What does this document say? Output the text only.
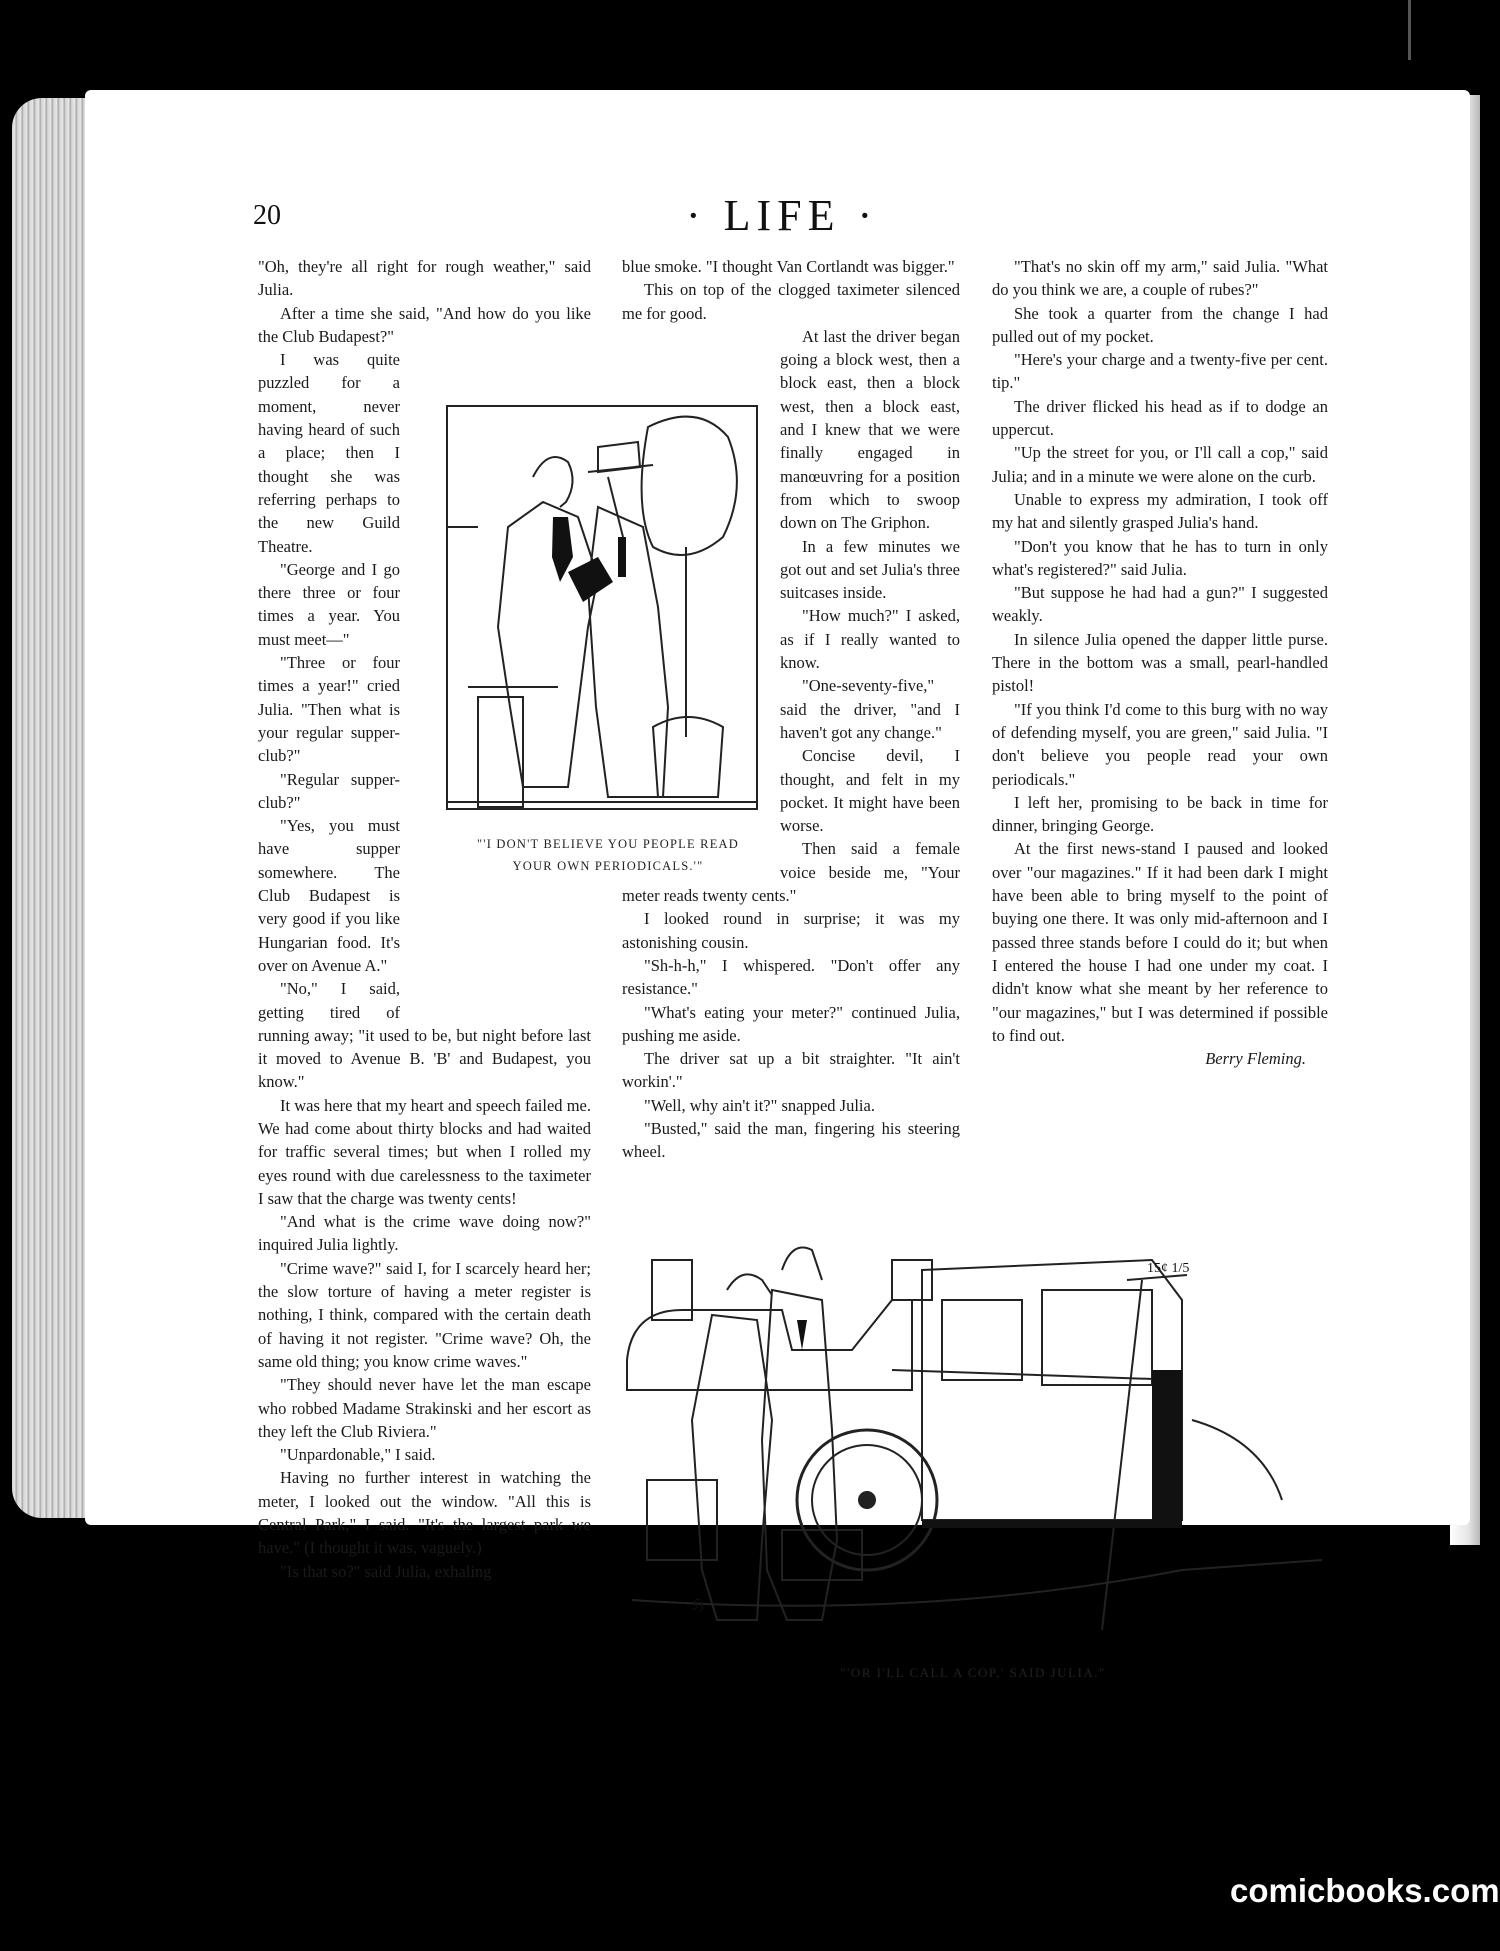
20	· LIFE ·

"Oh, they're all right for rough weather," said Julia.

After a time she said, "And how do you like the Club Budapest?"

I was quite puzzled for a moment, never having heard of such a place; then I thought she was referring perhaps to the new Guild Theatre.

"George and I go there three or four times a year. You must meet—"

"Three or four times a year!" cried Julia. "Then what is your regular supper-club?"

"Regular supper-club?"

"Yes, you must have supper somewhere. The Club Budapest is very good if you like Hungarian food. It's over on Avenue A."

"No," I said, getting tired of running away; "it used to be, but night before last it moved to Avenue B. 'B' and Budapest, you know."

It was here that my heart and speech failed me. We had come about thirty blocks and had waited for traffic several times; but when I rolled my eyes round with due carelessness to the taximeter I saw that the charge was twenty cents!

"And what is the crime wave doing now?" inquired Julia lightly.

"Crime wave?" said I, for I scarcely heard her; the slow torture of having a meter register is nothing, I think, compared with the certain death of having it not register. "Crime wave? Oh, the same old thing; you know crime waves."

"They should never have let the man escape who robbed Madame Strakinski and her escort as they left the Club Riviera."

"Unpardonable," I said.

Having no further interest in watching the meter, I looked out the window. "All this is Central Park," I said. "It's the largest park we have." (I thought it was, vaguely.)

"Is that so?" said Julia, exhaling

blue smoke. "I thought Van Cortlandt was bigger."

This on top of the clogged taximeter silenced me for good.

At last the driver began going a block west, then a block east, then a block west, then a block east, and I knew that we were finally engaged in manœuvring for a position from which to swoop down on The Griphon.

In a few minutes we got out and set Julia's three suitcases inside.

"How much?" I asked, as if I really wanted to know.

"One-seventy-five," said the driver, "and I haven't got any change."

Concise devil, I thought, and felt in my pocket. It might have been worse.

Then said a female voice beside me, "Your meter reads twenty cents."

I looked round in surprise; it was my astonishing cousin.

"Sh-h-h," I whispered. "Don't offer any resistance."

"What's eating your meter?" continued Julia, pushing me aside.

The driver sat up a bit straighter. "It ain't workin'."

"Well, why ain't it?" snapped Julia.

"Busted," said the man, fingering his steering wheel.

"That's no skin off my arm," said Julia. "What do you think we are, a couple of rubes?"

She took a quarter from the change I had pulled out of my pocket.

"Here's your charge and a twenty-five per cent. tip."

The driver flicked his head as if to dodge an uppercut.

"Up the street for you, or I'll call a cop," said Julia; and in a minute we were alone on the curb.

Unable to express my admiration, I took off my hat and silently grasped Julia's hand.

"Don't you know that he has to turn in only what's registered?" said Julia.

"But suppose he had had a gun?" I suggested weakly.

In silence Julia opened the dapper little purse. There in the bottom was a small, pearl-handled pistol!

"If you think I'd come to this burg with no way of defending myself, you are green," said Julia. "I don't believe you people read your own periodicals."

I left her, promising to be back in time for dinner, bringing George.

At the first news-stand I paused and looked over "our magazines." If it had been dark I might have been able to bring myself to the point of buying one there. It was only mid-afternoon and I passed three stands before I could do it; but when I entered the house I had one under my coat. I didn't know what she meant by her reference to "our magazines," but I was determined if possible to find out.

Berry Fleming.

"'I DON'T BELIEVE YOU PEOPLE READ
YOUR OWN PERIODICALS.'"
15¢ 1/5
ℌ
"'OR I'LL CALL A COP,' SAID JULIA."
comicbooks.com
